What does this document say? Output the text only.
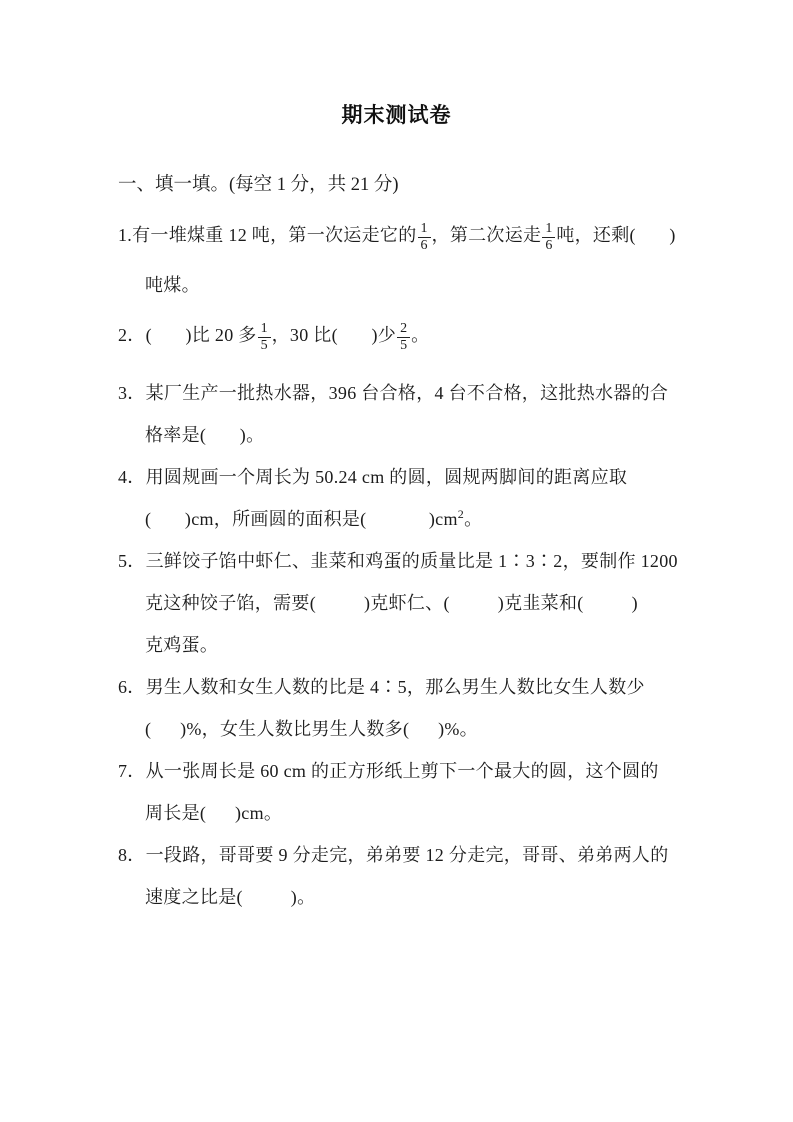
期末测试卷
一、填一填。(每空 1 分，共 21 分)
1.有一堆煤重 12 吨，第一次运走它的 $\frac{1}{6}$ ，第二次运走 $\frac{1}{6}$ 吨，还剩(       )
吨煤。
2．(       )比 20 多 $\frac{1}{5}$ ，30 比(       )少 $\frac{2}{5}$ 。
3．某厂生产一批热水器，396 台合格，4 台不合格，这批热水器的合
格率是(       )。
4．用圆规画一个周长为 50.24 cm 的圆，圆规两脚间的距离应取
(       )cm，所画圆的面积是(             )$cm^2$。
5．三鲜饺子馅中虾仁、韭菜和鸡蛋的质量比是 1∶3∶2，要制作 1200
克这种饺子馅，需要(          )克虾仁、(          )克韭菜和(          )
克鸡蛋。
6．男生人数和女生人数的比是 4∶5，那么男生人数比女生人数少
(      )%，女生人数比男生人数多(      )%。
7．从一张周长是 60 cm 的正方形纸上剪下一个最大的圆，这个圆的
周长是(      )cm。
8．一段路，哥哥要 9 分走完，弟弟要 12 分走完，哥哥、弟弟两人的
速度之比是(          )。
